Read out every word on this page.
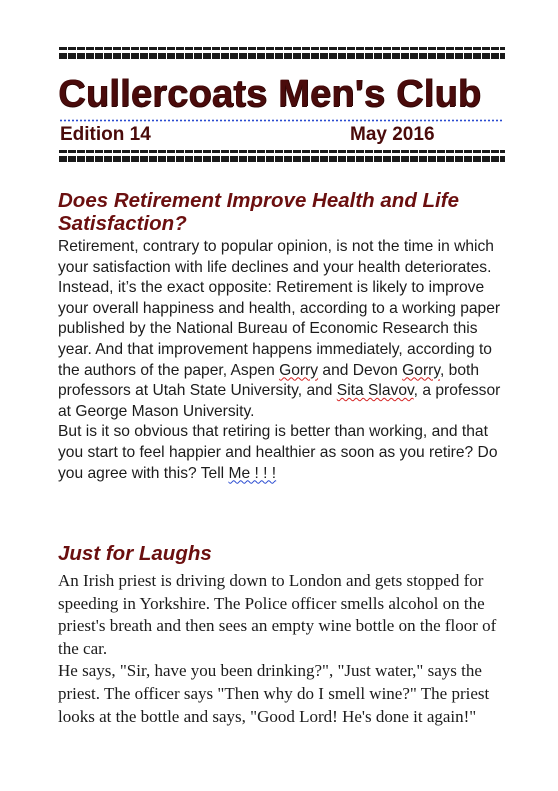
Cullercoats Men's Club
Edition 14	May 2016
Does Retirement Improve Health and Life Satisfaction?

Retirement, contrary to popular opinion, is not the time in which your satisfaction with life declines and your health deteriorates. Instead, it’s the exact opposite: Retirement is likely to improve your overall happiness and health, according to a working paper published by the National Bureau of Economic Research this year. And that improvement happens immediately, according to the authors of the paper, Aspen Gorry and Devon Gorry, both professors at Utah State University, and Sita Slavov, a professor at George Mason University.

But is it so obvious that retiring is better than working, and that you start to feel happier and healthier as soon as you retire? Do you agree with this? Tell Me ! ! !

Just for Laughs

An Irish priest is driving down to London and gets stopped for speeding in Yorkshire. The Police officer smells alcohol on the priest's breath and then sees an empty wine bottle on the floor of the car.

He says, "Sir, have you been drinking?", "Just water," says the priest. The officer says "Then why do I smell wine?" The priest looks at the bottle and says, "Good Lord! He's done it again!"
